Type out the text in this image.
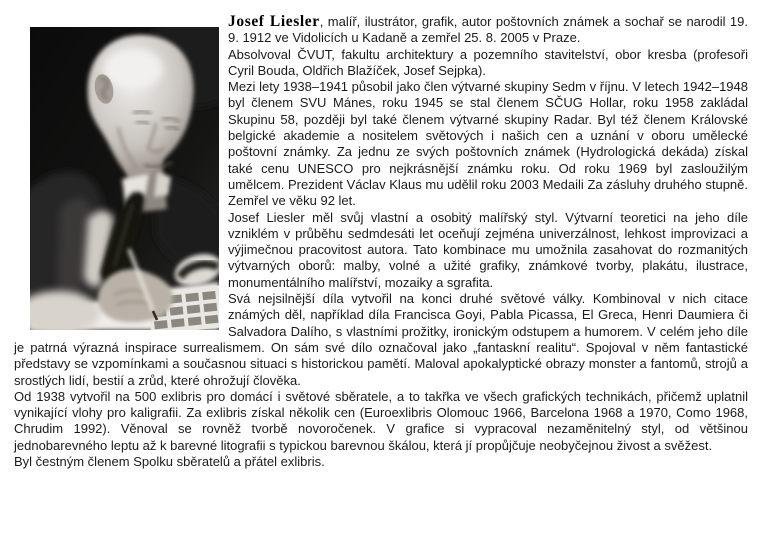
Josef Liesler, malíř, ilustrátor, grafik, autor poštovních známek a sochař se narodil 19. 9. 1912 ve Vidolicích u Kadaně a zemřel 25. 8. 2005 v Praze.

Absolvoval ČVUT, fakultu architektury a pozemního stavitelství, obor kresba (profesoři Cyril Bouda, Oldřich Blažíček, Josef Sejpka).

Mezi lety 1938–1941 působil jako člen výtvarné skupiny Sedm v říjnu. V letech 1942–1948 byl členem SVU Mánes, roku 1945 se stal členem SČUG Hollar, roku 1958 zakládal Skupinu 58, později byl také členem výtvarné skupiny Radar. Byl též členem Královské belgické akademie a nositelem světových i našich cen a uznání v oboru umělecké poštovní známky. Za jednu ze svých poštovních známek (Hydrologická dekáda) získal také cenu UNESCO pro nejkrásnější známku roku. Od roku 1969 byl zasloužilým umělcem. Prezident Václav Klaus mu udělil roku 2003 Medaili Za zásluhy druhého stupně. Zemřel ve věku 92 let.

Josef Liesler měl svůj vlastní a osobitý malířský styl. Výtvarní teoretici na jeho díle vzniklém v průběhu sedmdesáti let oceňují zejména univerzálnost, lehkost improvizaci a výjimečnou pracovitost autora. Tato kombinace mu umožnila zasahovat do rozmanitých výtvarných oborů: malby, volné a užité grafiky, známkové tvorby, plakátu, ilustrace, monumentálního malířství, mozaiky a sgrafita.

Svá nejsilnější díla vytvořil na konci druhé světové války. Kombinoval v nich citace známých děl, například díla Francisca Goyi, Pabla Picassa, El Greca, Henri Daumiera či Salvadora Dalího, s vlastními prožitky, ironickým odstupem a humorem. V celém jeho díle je patrná výrazná inspirace surrealismem. On sám své dílo označoval jako „fantaskní realitu“. Spojoval v něm fantastické představy se vzpomínkami a současnou situaci s historickou pamětí. Maloval apokalyptické obrazy monster a fantomů, strojů a srostlých lidí, bestií a zrůd, které ohrožují člověka.

Od 1938 vytvořil na 500 exlibris pro domácí i světové sběratele, a to takřka ve všech grafických technikách, přičemž uplatnil vynikající vlohy pro kaligrafii. Za exlibris získal několik cen (Euroexlibris Olomouc 1966, Barcelona 1968 a 1970, Como 1968, Chrudim 1992). Věnoval se rovněž tvorbě novoročenek. V grafice si vypracoval nezaměnitelný styl, od většinou jednobarevného leptu až k barevné litografii s typickou barevnou škálou, která jí propůjčuje neobyčejnou živost a svěžest.

Byl čestným členem Spolku sběratelů a přátel exlibris.
